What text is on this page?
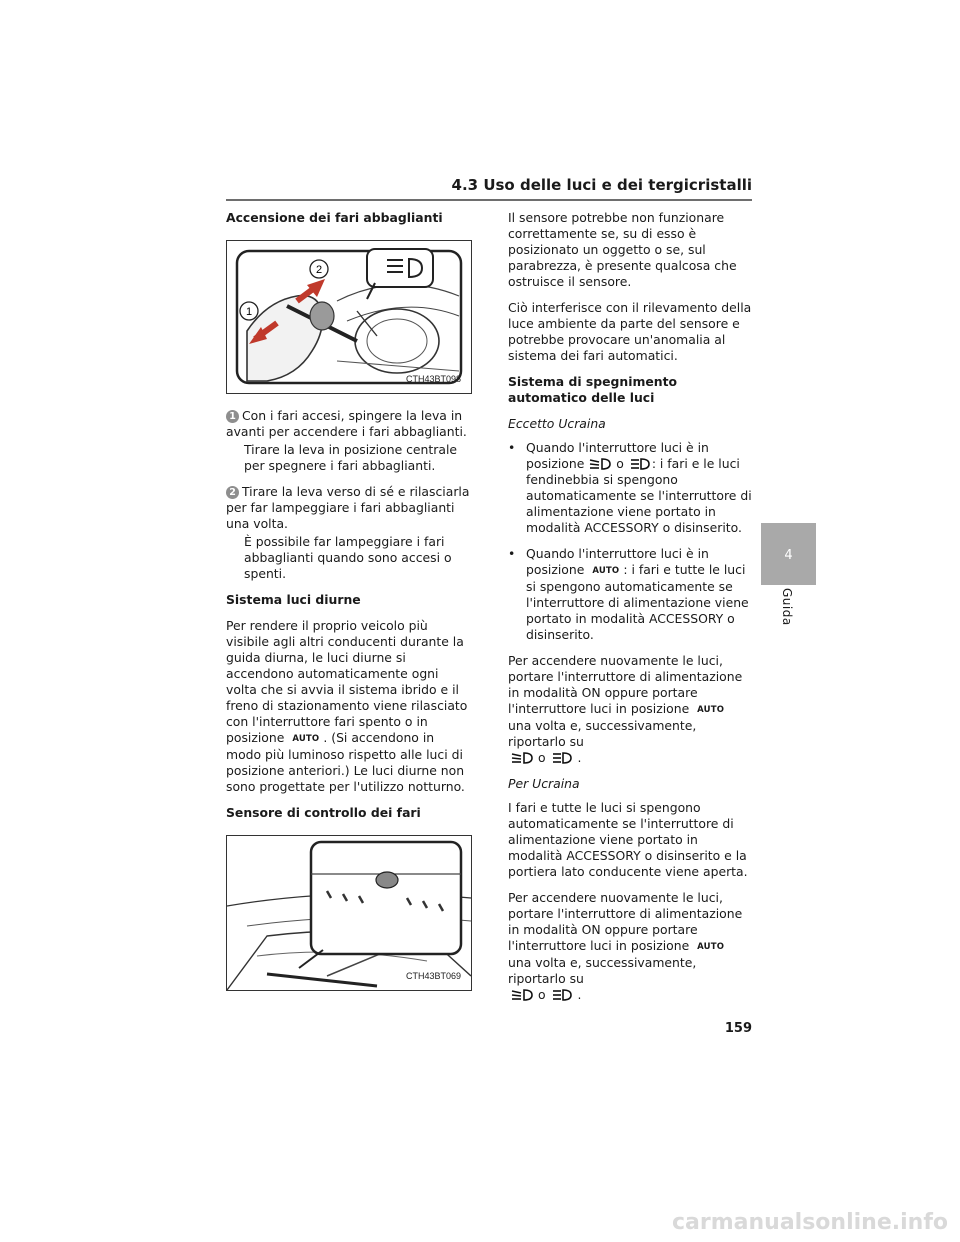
4.3 Uso delle luci e dei tergicristalli
Accensione dei fari abbaglianti
1
2
CTH43BT098
1 Con i fari accesi, spingere la leva in avanti per accendere i fari abbaglianti.
Tirare la leva in posizione centrale per spegnere i fari abbaglianti.
2 Tirare la leva verso di sé e rilasciarla per far lampeggiare i fari abbaglianti una volta.
È possibile far lampeggiare i fari abbaglianti quando sono accesi o spenti.
Sistema luci diurne
Per rendere il proprio veicolo più visibile agli altri conducenti durante la guida diurna, le luci diurne si accendono automaticamente ogni volta che si avvia il sistema ibrido e il freno di stazionamento viene rilasciato con l'interruttore fari spento o in posizione AUTO . (Si accendono in modo più luminoso rispetto alle luci di posizione anteriori.) Le luci diurne non sono progettate per l'utilizzo notturno.
Sensore di controllo dei fari
CTH43BT069
Il sensore potrebbe non funzionare correttamente se, su di esso è posizionato un oggetto o se, sul parabrezza, è presente qualcosa che ostruisce il sensore.
Ciò interferisce con il rilevamento della luce ambiente da parte del sensore e potrebbe provocare un'anomalia al sistema dei fari automatici.
Sistema di spegnimento automatico delle luci
Eccetto Ucraina
• Quando l'interruttore luci è in posizione	o : i fari e le luci fendinebbia si spengono automaticamente se l'interruttore di alimentazione viene portato in modalità ACCESSORY o disinserito.
• Quando l'interruttore luci è in posizione AUTO : i fari e tutte le luci si spengono automaticamente se l'interruttore di alimentazione viene portato in modalità ACCESSORY o disinserito.
Per accendere nuovamente le luci, portare l'interruttore di alimentazione in modalità ON oppure portare l'interruttore luci in posizione AUTO una volta e, successivamente, riportarlo su
o	.
Per Ucraina
I fari e tutte le luci si spengono automaticamente se l'interruttore di alimentazione viene portato in modalità ACCESSORY o disinserito e la portiera lato conducente viene aperta.
Per accendere nuovamente le luci, portare l'interruttore di alimentazione in modalità ON oppure portare l'interruttore luci in posizione AUTO una volta e, successivamente, riportarlo su
o	.
4
Guida
159
carmanualsonline.info
